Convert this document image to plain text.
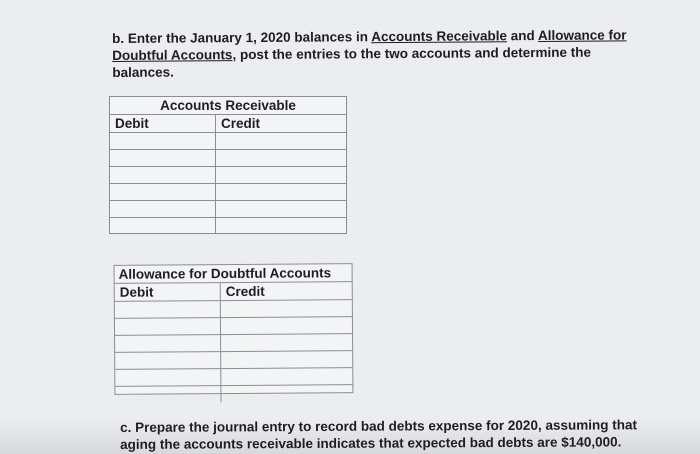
b. Enter the January 1, 2020 balances in Accounts Receivable and Allowance for
Doubtful Accounts, post the entries to the two accounts and determine the balances.
Accounts Receivable
Debit	Credit
Allowance for Doubtful Accounts
Debit	Credit
c. Prepare the journal entry to record bad debts expense for 2020, assuming that
aging the accounts receivable indicates that expected bad debts are $140,000.
